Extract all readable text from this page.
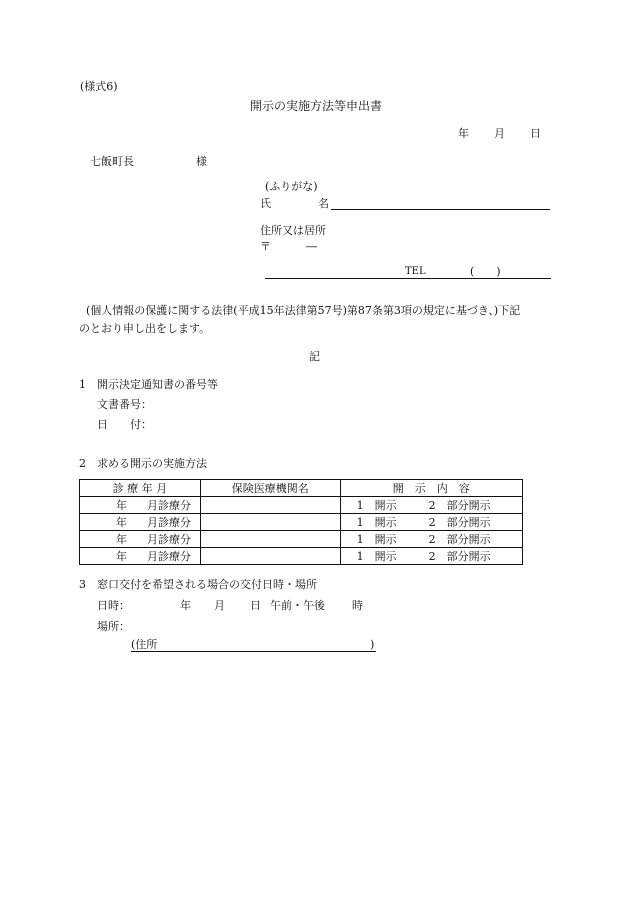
(様式6)
開示の実施方法等申出書
年 月 日
七飯町長	様
(ふりがな)
氏	名
住所又は居所
〒	―
TEL	(　　)
(個人情報の保護に関する法律(平成15年法律第57号)第87条第3項の規定に基づき、)下記
のとおり申し出をします。
記
1　開示決定通知書の番号等
文書番号：
日　　付：
2　求める開示の実施方法
診 療 年 月	保険医療機関名	開　示　内　容
年 月診療分		1　開示 2　部分開示
年 月診療分		1　開示 2　部分開示
年 月診療分		1　開示 2　部分開示
年 月診療分		1　開示 2　部分開示
3　窓口交付を希望される場合の交付日時・場所
日時：	年 月 日 午前・午後 時
場所：
(住所	)
